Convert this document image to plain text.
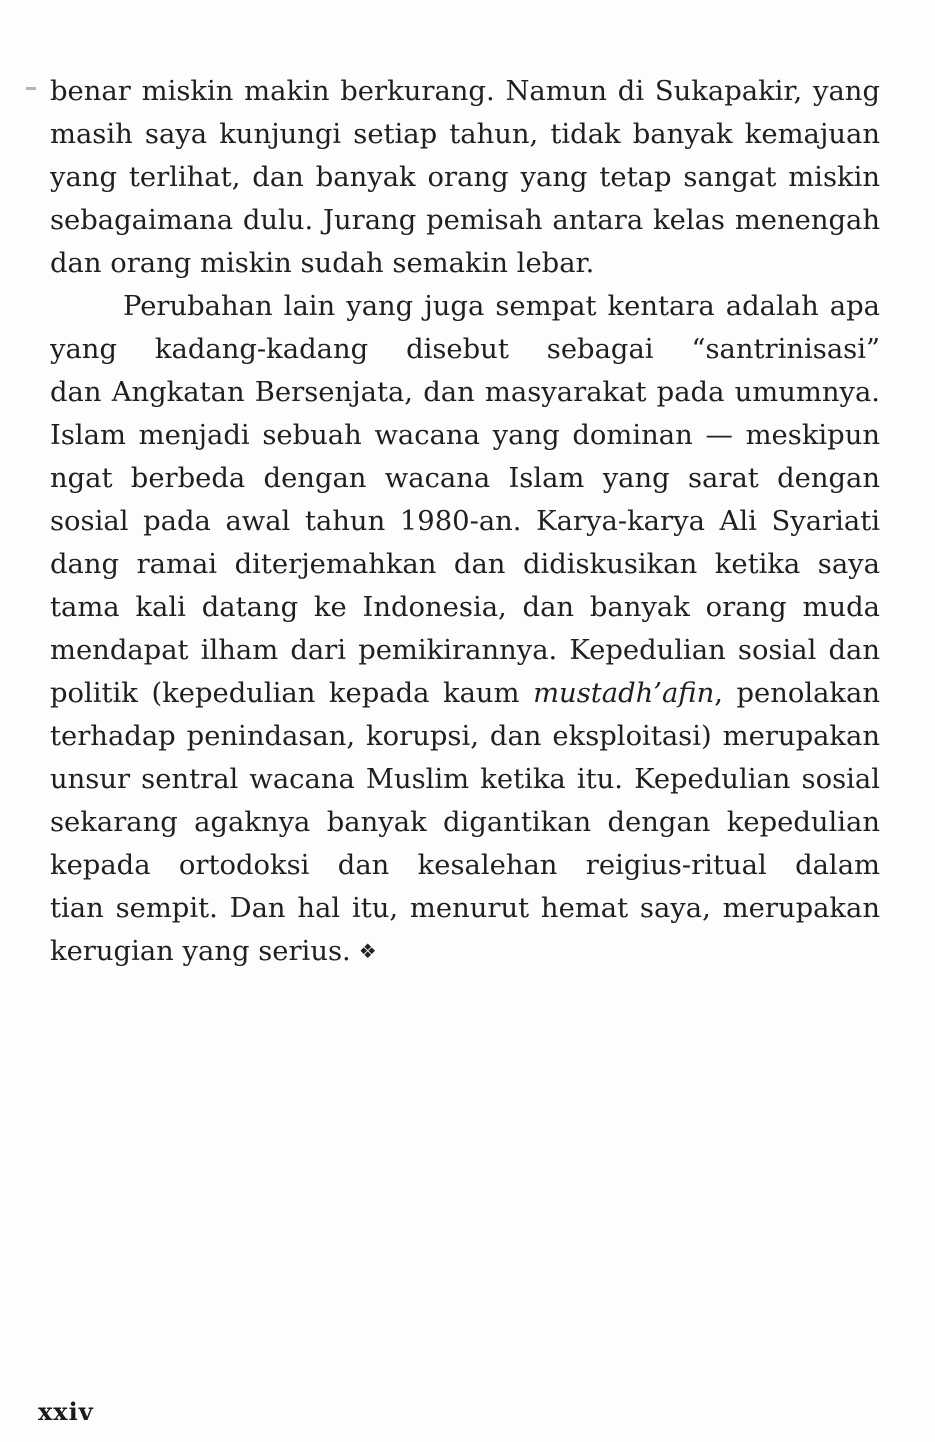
benar miskin makin berkurang. Namun di Sukapakir, yang
masih saya kunjungi setiap tahun, tidak banyak kemajuan
yang terlihat, dan banyak orang yang tetap sangat miskin
sebagaimana dulu. Jurang pemisah antara kelas menengah
dan orang miskin sudah semakin lebar.
Perubahan lain yang juga sempat kentara adalah apa
yang kadang-kadang disebut sebagai “santrinisasi”
dan Angkatan Bersenjata, dan masyarakat pada umumnya.
Islam menjadi sebuah wacana yang dominan — meskipun
ngat berbeda dengan wacana Islam yang sarat dengan
sosial pada awal tahun 1980-an. Karya-karya Ali Syariati
dang ramai diterjemahkan dan didiskusikan ketika saya
tama kali datang ke Indonesia, dan banyak orang muda
mendapat ilham dari pemikirannya. Kepedulian sosial dan
politik (kepedulian kepada kaum mustadh’afin, penolakan
terhadap penindasan, korupsi, dan eksploitasi) merupakan
unsur sentral wacana Muslim ketika itu. Kepedulian sosial
sekarang agaknya banyak digantikan dengan kepedulian
kepada ortodoksi dan kesalehan reigius-ritual dalam
tian sempit. Dan hal itu, menurut hemat saya, merupakan
kerugian yang serius. ❖
xxiv
